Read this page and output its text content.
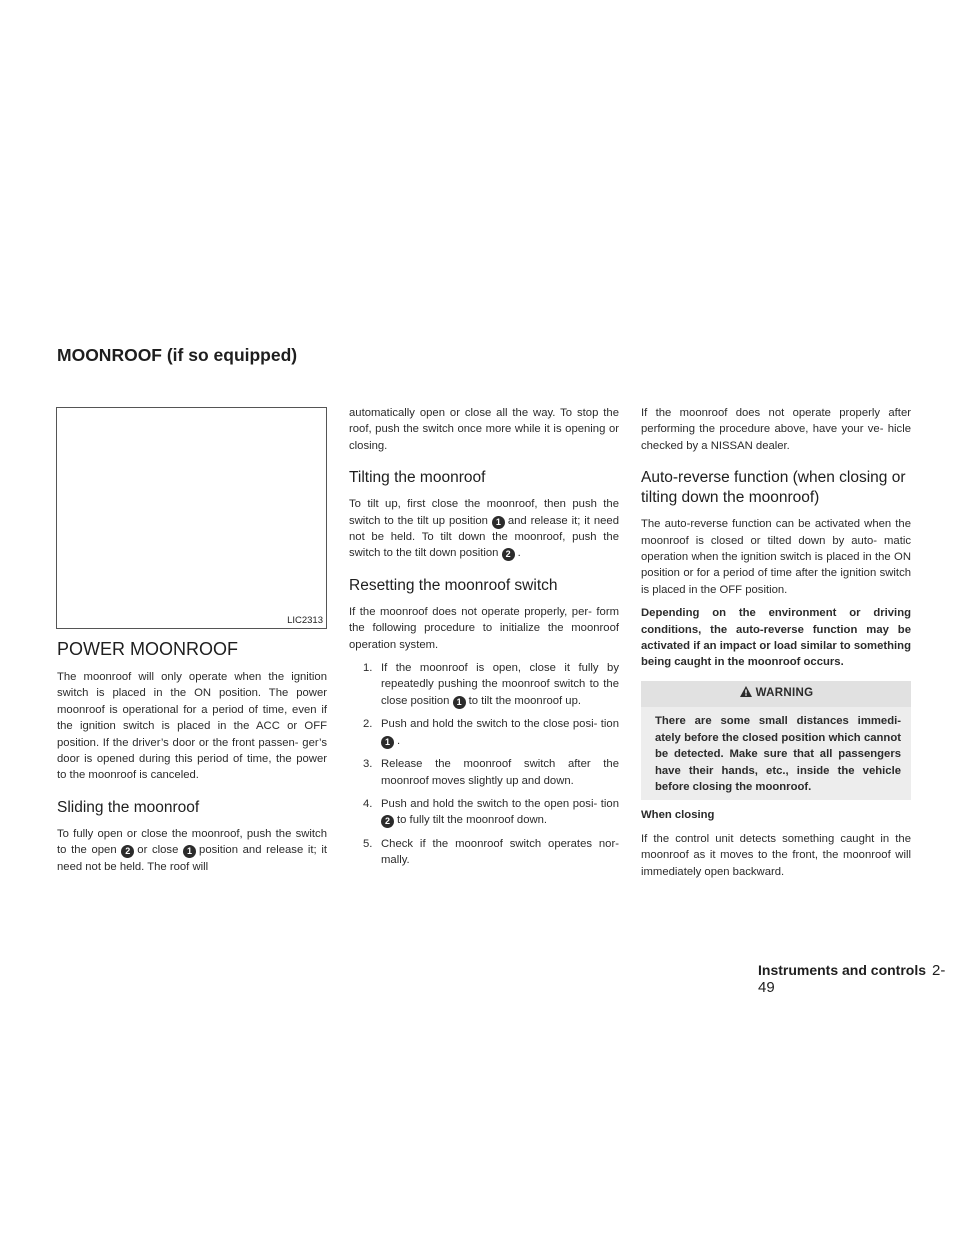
MOONROOF (if so equipped)
LIC2313
POWER MOONROOF

The moonroof will only operate when the ignition switch is placed in the ON position. The power moonroof is operational for a period of time, even if the ignition switch is placed in the ACC or OFF position. If the driver’s door or the front passen- ger’s door is opened during this period of time, the power to the moonroof is canceled.

Sliding the moonroof

To fully open or close the moonroof, push the switch to the open 2 or close 1 position and release it; it need not be held. The roof will

automatically open or close all the way. To stop the roof, push the switch once more while it is opening or closing.

Tilting the moonroof

To tilt up, first close the moonroof, then push the switch to the tilt up position 1 and release it; it need not be held. To tilt down the moonroof, push the switch to the tilt down position 2 .

Resetting the moonroof switch

If the moonroof does not operate properly, per- form the following procedure to initialize the moonroof operation system.

1. If the moonroof is open, close it fully by repeatedly pushing the moonroof switch to the close position 1 to tilt the moonroof up.
2. Push and hold the switch to the close posi- tion 1 .
3. Release the moonroof switch after the moonroof moves slightly up and down.
4. Push and hold the switch to the open posi- tion 2 to fully tilt the moonroof down.
5. Check if the moonroof switch operates nor- mally.

If the moonroof does not operate properly after performing the procedure above, have your ve- hicle checked by a NISSAN dealer.

Auto-reverse function (when closing or tilting down the moonroof)

The auto-reverse function can be activated when the moonroof is closed or tilted down by auto- matic operation when the ignition switch is placed in the ON position or for a period of time after the ignition switch is placed in the OFF position.

Depending on the environment or driving conditions, the auto-reverse function may be activated if an impact or load similar to something being caught in the moonroof occurs.

WARNING

There are some small distances immedi- ately before the closed position which cannot be detected. Make sure that all passengers have their hands, etc., inside the vehicle before closing the moonroof.

When closing

If the control unit detects something caught in the moonroof as it moves to the front, the moonroof will immediately open backward.

Instruments and controls 2-49
